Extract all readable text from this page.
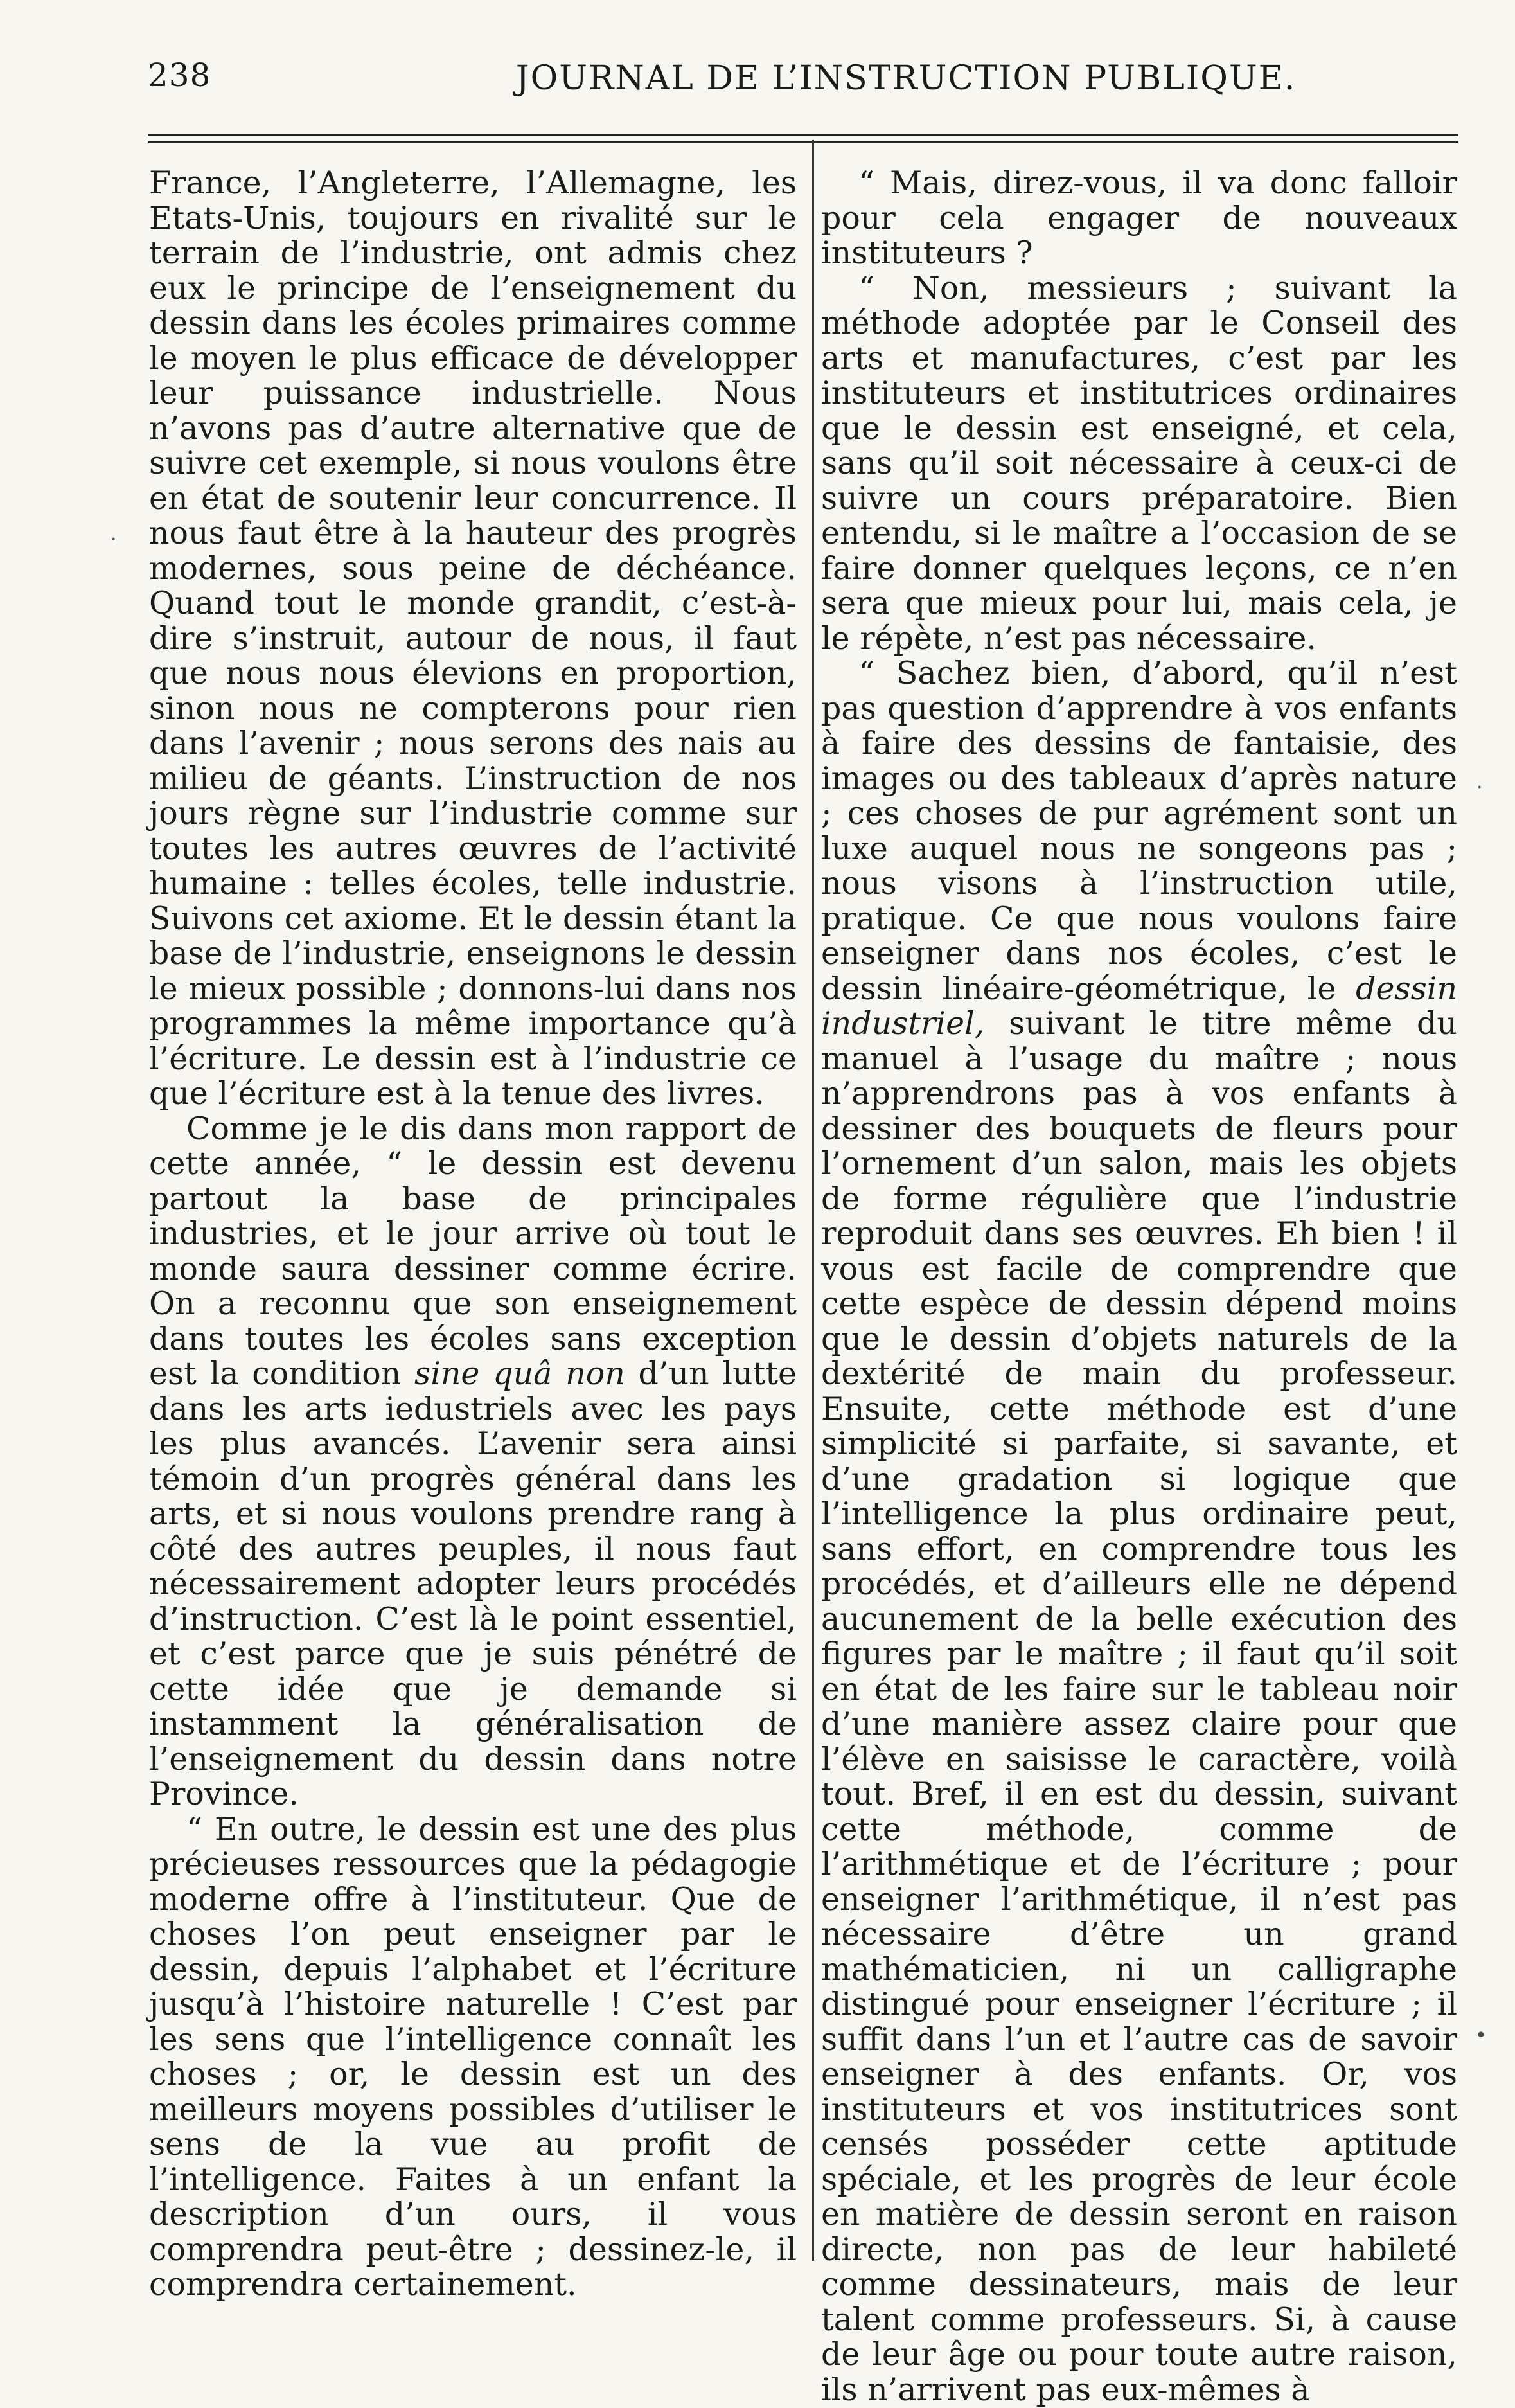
238	JOURNAL DE L’INSTRUCTION PUBLIQUE.

France, l’Angleterre, l’Allemagne, les Etats-Unis, toujours en rivalité sur le terrain de l’industrie, ont admis chez eux le principe de l’enseignement du dessin dans les écoles primaires comme le moyen le plus efficace de développer leur puissance industrielle. Nous n’avons pas d’autre alternative que de suivre cet exemple, si nous voulons être en état de soutenir leur concurrence. Il nous faut être à la hauteur des progrès modernes, sous peine de déchéance. Quand tout le monde grandit, c’est-à-dire s’instruit, autour de nous, il faut que nous nous élevions en proportion, sinon nous ne compterons pour rien dans l’avenir ; nous serons des nais au milieu de géants. L’instruction de nos jours règne sur l’industrie comme sur toutes les autres œuvres de l’activité humaine : telles écoles, telle industrie. Suivons cet axiome. Et le dessin étant la base de l’industrie, enseignons le dessin le mieux possible ; donnons-lui dans nos programmes la même importance qu’à l’écriture. Le dessin est à l’industrie ce que l’écriture est à la tenue des livres.

Comme je le dis dans mon rapport de cette année, “ le dessin est devenu partout la base de principales industries, et le jour arrive où tout le monde saura dessiner comme écrire. On a reconnu que son enseignement dans toutes les écoles sans exception est la condition sine quâ non d’un lutte dans les arts iedustriels avec les pays les plus avancés. L’avenir sera ainsi témoin d’un progrès général dans les arts, et si nous voulons prendre rang à côté des autres peuples, il nous faut nécessairement adopter leurs procédés d’instruction. C’est là le point essentiel, et c’est parce que je suis pénétré de cette idée que je demande si instamment la généralisation de l’enseignement du dessin dans notre Province.

“ En outre, le dessin est une des plus précieuses ressources que la pédagogie moderne offre à l’instituteur. Que de choses l’on peut enseigner par le dessin, depuis l’alphabet et l’écriture jusqu’à l’histoire naturelle ! C’est par les sens que l’intelligence connaît les choses ; or, le dessin est un des meilleurs moyens possibles d’utiliser le sens de la vue au profit de l’intelligence. Faites à un enfant la description d’un ours, il vous comprendra peut-être ; dessinez-le, il comprendra certainement.

“ Mais, direz-vous, il va donc falloir pour cela engager de nouveaux instituteurs ?

“ Non, messieurs ; suivant la méthode adoptée par le Conseil des arts et manufactures, c’est par les instituteurs et institutrices ordinaires que le dessin est enseigné, et cela, sans qu’il soit nécessaire à ceux-ci de suivre un cours préparatoire. Bien entendu, si le maître a l’occasion de se faire donner quelques leçons, ce n’en sera que mieux pour lui, mais cela, je le répète, n’est pas nécessaire.

“ Sachez bien, d’abord, qu’il n’est pas question d’apprendre à vos enfants à faire des dessins de fantaisie, des images ou des tableaux d’après nature ; ces choses de pur agrément sont un luxe auquel nous ne songeons pas ; nous visons à l’instruction utile, pratique. Ce que nous voulons faire enseigner dans nos écoles, c’est le dessin linéaire-géométrique, le dessin industriel, suivant le titre même du manuel à l’usage du maître ; nous n’apprendrons pas à vos enfants à dessiner des bouquets de fleurs pour l’ornement d’un salon, mais les objets de forme régulière que l’industrie reproduit dans ses œuvres. Eh bien ! il vous est facile de comprendre que cette espèce de dessin dépend moins que le dessin d’objets naturels de la dextérité de main du professeur. Ensuite, cette méthode est d’une simplicité si parfaite, si savante, et d’une gradation si logique que l’intelligence la plus ordinaire peut, sans effort, en comprendre tous les procédés, et d’ailleurs elle ne dépend aucunement de la belle exécution des figures par le maître ; il faut qu’il soit en état de les faire sur le tableau noir d’une manière assez claire pour que l’élève en saisisse le caractère, voilà tout. Bref, il en est du dessin, suivant cette méthode, comme de l’arithmétique et de l’écriture ; pour enseigner l’arithmétique, il n’est pas nécessaire d’être un grand mathématicien, ni un calligraphe distingué pour enseigner l’écriture ; il suffit dans l’un et l’autre cas de savoir enseigner à des enfants. Or, vos instituteurs et vos institutrices sont censés posséder cette aptitude spéciale, et les progrès de leur école en matière de dessin seront en raison directe, non pas de leur habileté comme dessinateurs, mais de leur talent comme professeurs. Si, à cause de leur âge ou pour toute autre raison, ils n’arrivent pas eux-mêmes à

·
·
•
